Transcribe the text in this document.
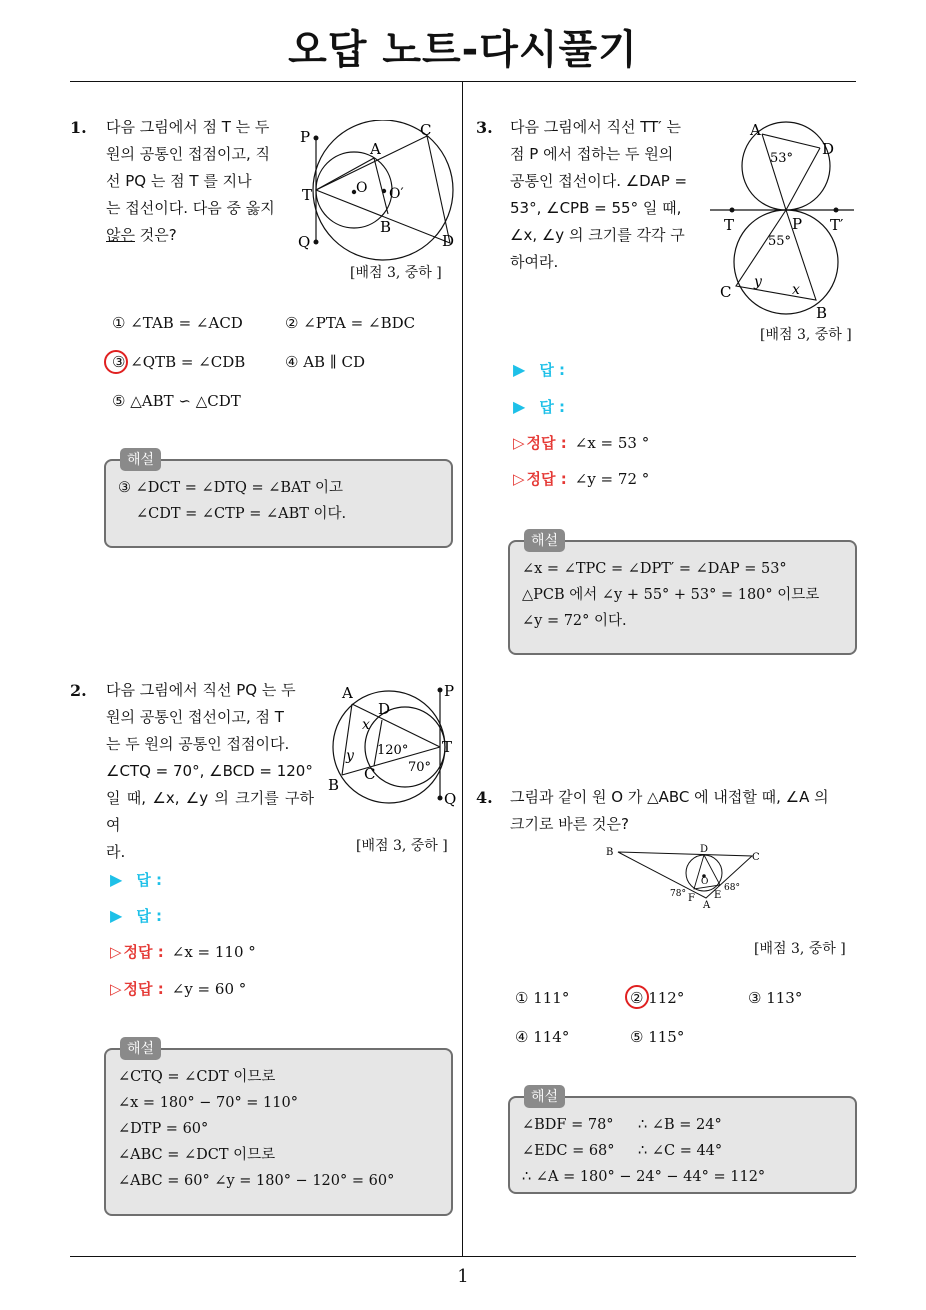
오답 노트-다시풀기
1
1. 다음 그림에서 점 T 는 두
원의 공통인 접점이고, 직
선 PQ 는 점 T 를 지나
는 접선이다. 다음 중 옳지
않은 것은?
P	C
A
T	O O′
B
Q	D
[배점 3, 중하 ]
① ∠TAB = ∠ACD	② ∠PTA = ∠BDC
③ ∠QTB = ∠CDB	④ AB ∥ CD
⑤ △ABT ∽ △CDT
③ ∠DCT = ∠DTQ = ∠BAT 이고
∠CDT = ∠CTP = ∠ABT 이다.
해설
2. 다음 그림에서 직선 PQ 는 두
원의 공통인 접선이고, 점 T
는 두 원의 공통인 접점이다.
∠CTQ = 70°, ∠BCD = 120°
일 때, ∠x, ∠y 의 크기를 구하여
라.
A
D
P
x
y 120° T
70°
C
B
Q
[배점 3, 중하 ]
▶ 답 :
▶ 답 :
▷ 정답 : ∠x = 110 °
▷ 정답 : ∠y = 60 °
∠CTQ = ∠CDT 이므로
∠x = 180° − 70° = 110°
∠DTP = 60°
∠ABC = ∠DCT 이므로
∠ABC = 60° ∠y = 180° − 120° = 60°
해설
3. 다음 그림에서 직선 TT′ 는
점 P 에서 접하는 두 원의
공통인 접선이다. ∠DAP =
53°, ∠CPB = 55° 일 때,
∠x, ∠y 의 크기를 각각 구
하여라.
A
53°
D
T	P T′
55°
y x
C
B
[배점 3, 중하 ]
▶ 답 :
▶ 답 :
▷ 정답 : ∠x = 53 °
▷ 정답 : ∠y = 72 °
∠x = ∠TPC = ∠DPT′ = ∠DAP = 53°
△PCB 에서 ∠y + 55° + 53° = 180° 이므로
∠y = 72° 이다.
해설
4. 그림과 같이 원 O 가 △ABC 에 내접할 때, ∠A 의
크기로 바른 것은?
B	D
C
O
78°
68°
F E
A
[배점 3, 중하 ]
① 111°	② 112°	③ 113°
④ 114°	⑤ 115°
∠BDF = 78° ∴ ∠B = 24°
∠EDC = 68° ∴ ∠C = 44°
∴ ∠A = 180° − 24° − 44° = 112°
해설
